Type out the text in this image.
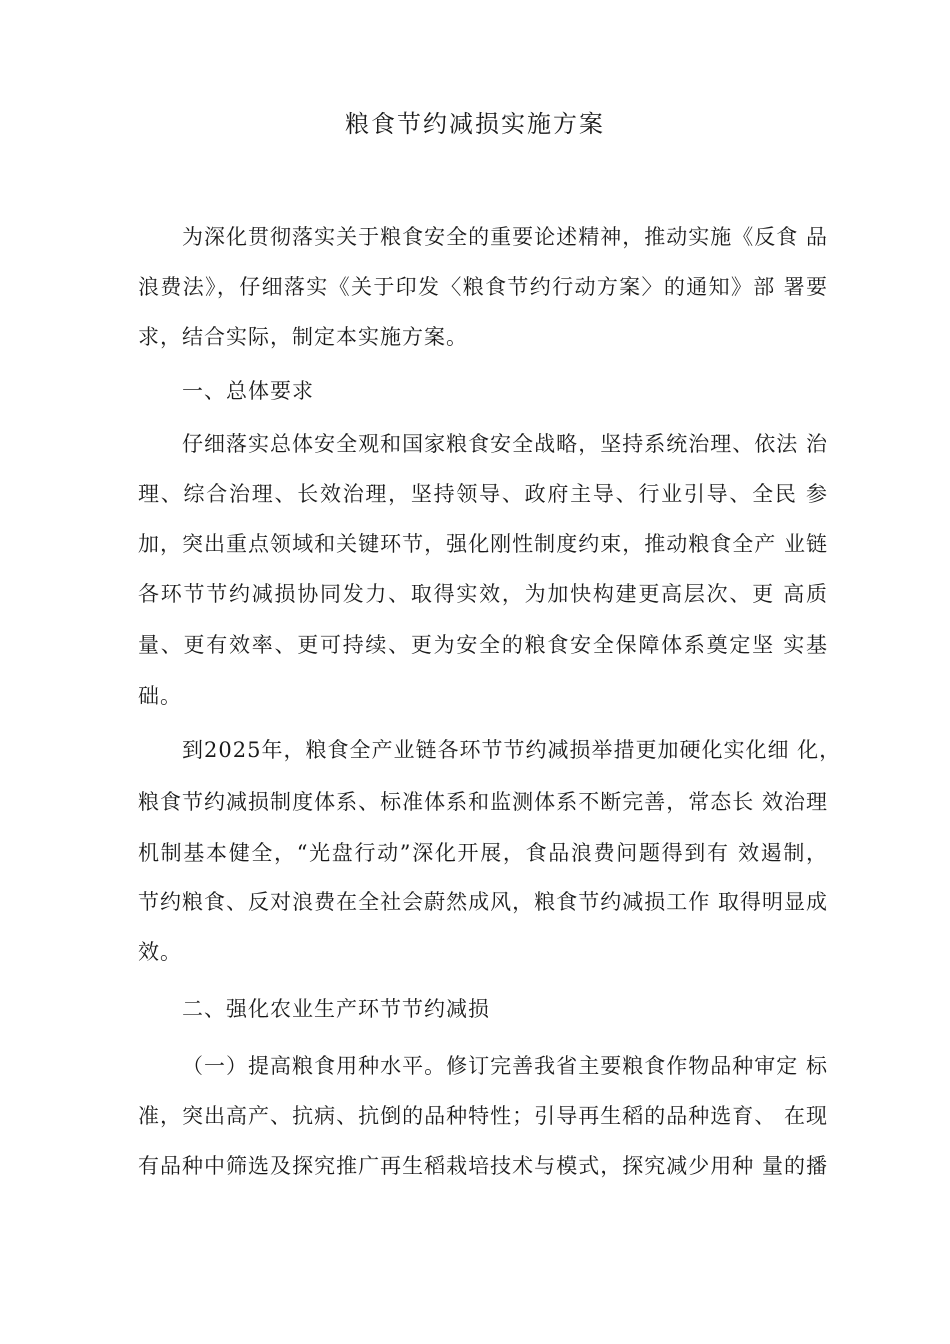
粮食节约减损实施方案
为深化贯彻落实关于粮食安全的重要论述精神，推动实施《反食 品
浪费法》，仔细落实《关于印发〈粮食节约行动方案〉的通知》部 署要
求，结合实际，制定本实施方案。
一、总体要求
仔细落实总体安全观和国家粮食安全战略，坚持系统治理、依法 治
理、综合治理、长效治理，坚持领导、政府主导、行业引导、全民 参
加，突出重点领域和关键环节，强化刚性制度约束，推动粮食全产 业链
各环节节约减损协同发力、取得实效，为加快构建更高层次、更 高质
量、更有效率、更可持续、更为安全的粮食安全保障体系奠定坚 实基
础。
到2025年，粮食全产业链各环节节约减损举措更加硬化实化细 化，
粮食节约减损制度体系、标准体系和监测体系不断完善，常态长 效治理
机制基本健全，“光盘行动”深化开展，食品浪费问题得到有 效遏制，
节约粮食、反对浪费在全社会蔚然成风，粮食节约减损工作 取得明显成
效。
二、强化农业生产环节节约减损
（一）提高粮食用种水平。修订完善我省主要粮食作物品种审定 标
准，突出高产、抗病、抗倒的品种特性；引导再生稻的品种选育、 在现
有品种中筛选及探究推广再生稻栽培技术与模式，探究减少用种 量的播
